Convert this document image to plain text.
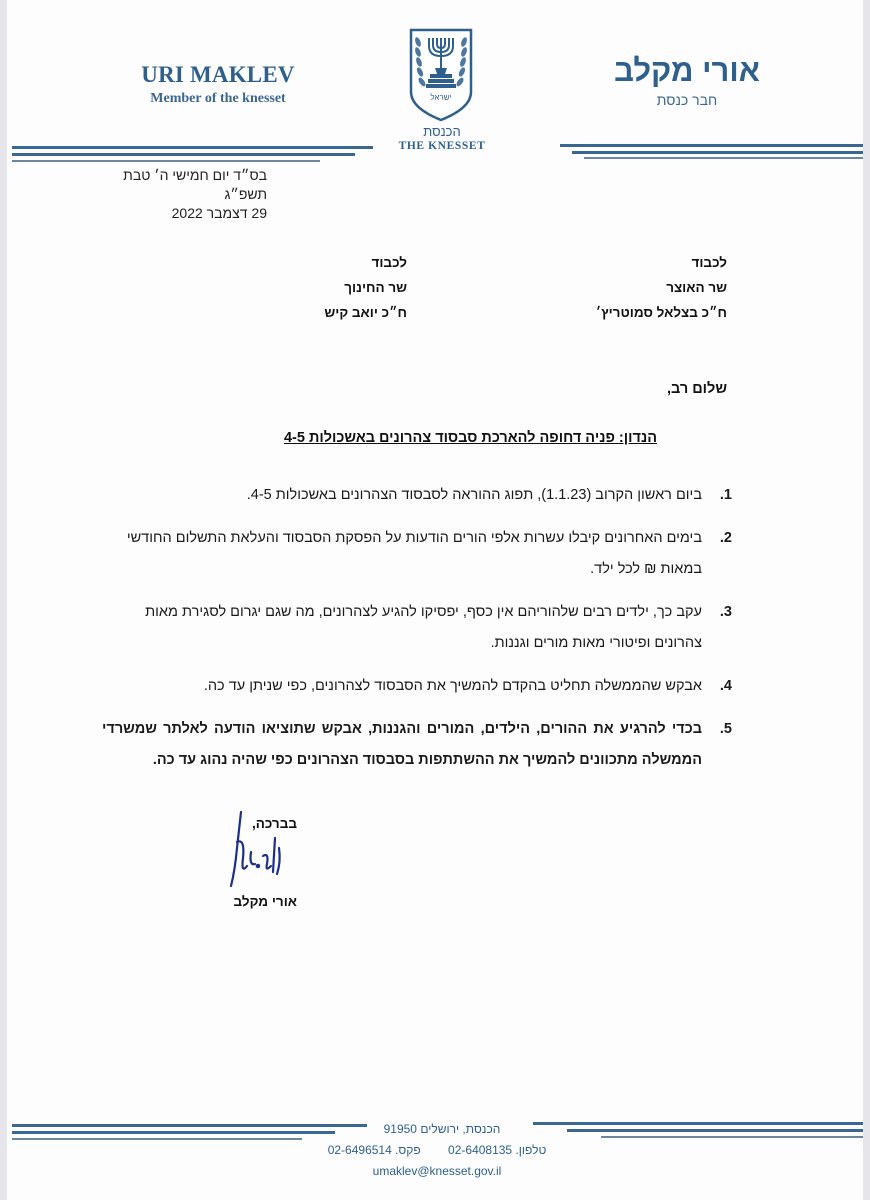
URI MAKLEV
Member of the knesset	ישראל
הכנסת
THE KNESSET
אורי מקלב
חבר כנסת
בס״ד יום חמישי ה׳ טבת תשפ״ג
29 דצמבר 2022
לכבוד
שר האוצר
ח״כ בצלאל סמוטריץ׳
לכבוד
שר החינוך
ח״כ יואב קיש
שלום רב,
הנדון: פניה דחופה להארכת סבסוד צהרונים באשכולות 4-5
1.
ביום ראשון הקרוב (1.1.23), תפוג ההוראה לסבסוד הצהרונים באשכולות 4-5.
2.
בימים האחרונים קיבלו עשרות אלפי הורים הודעות על הפסקת הסבסוד והעלאת התשלום החודשי במאות ₪ לכל ילד.
3.
עקב כך, ילדים רבים שלהוריהם אין כסף, יפסיקו להגיע לצהרונים, מה שגם יגרום לסגירת מאות צהרונים ופיטורי מאות מורים וגננות.
4.
אבקש שהממשלה תחליט בהקדם להמשיך את הסבסוד לצהרונים, כפי שניתן עד כה.
5.
בכדי להרגיע את ההורים, הילדים, המורים והגננות, אבקש שתוציאו הודעה לאלתר שמשרדי הממשלה מתכוונים להמשיך את ההשתתפות בסבסוד הצהרונים כפי שהיה נהוג עד כה.
בברכה,
אורי מקלב
הכנסת, ירושלים 91950
טלפון. 02-6408135 פקס. 02-6496514
umaklev@knesset.gov.il
